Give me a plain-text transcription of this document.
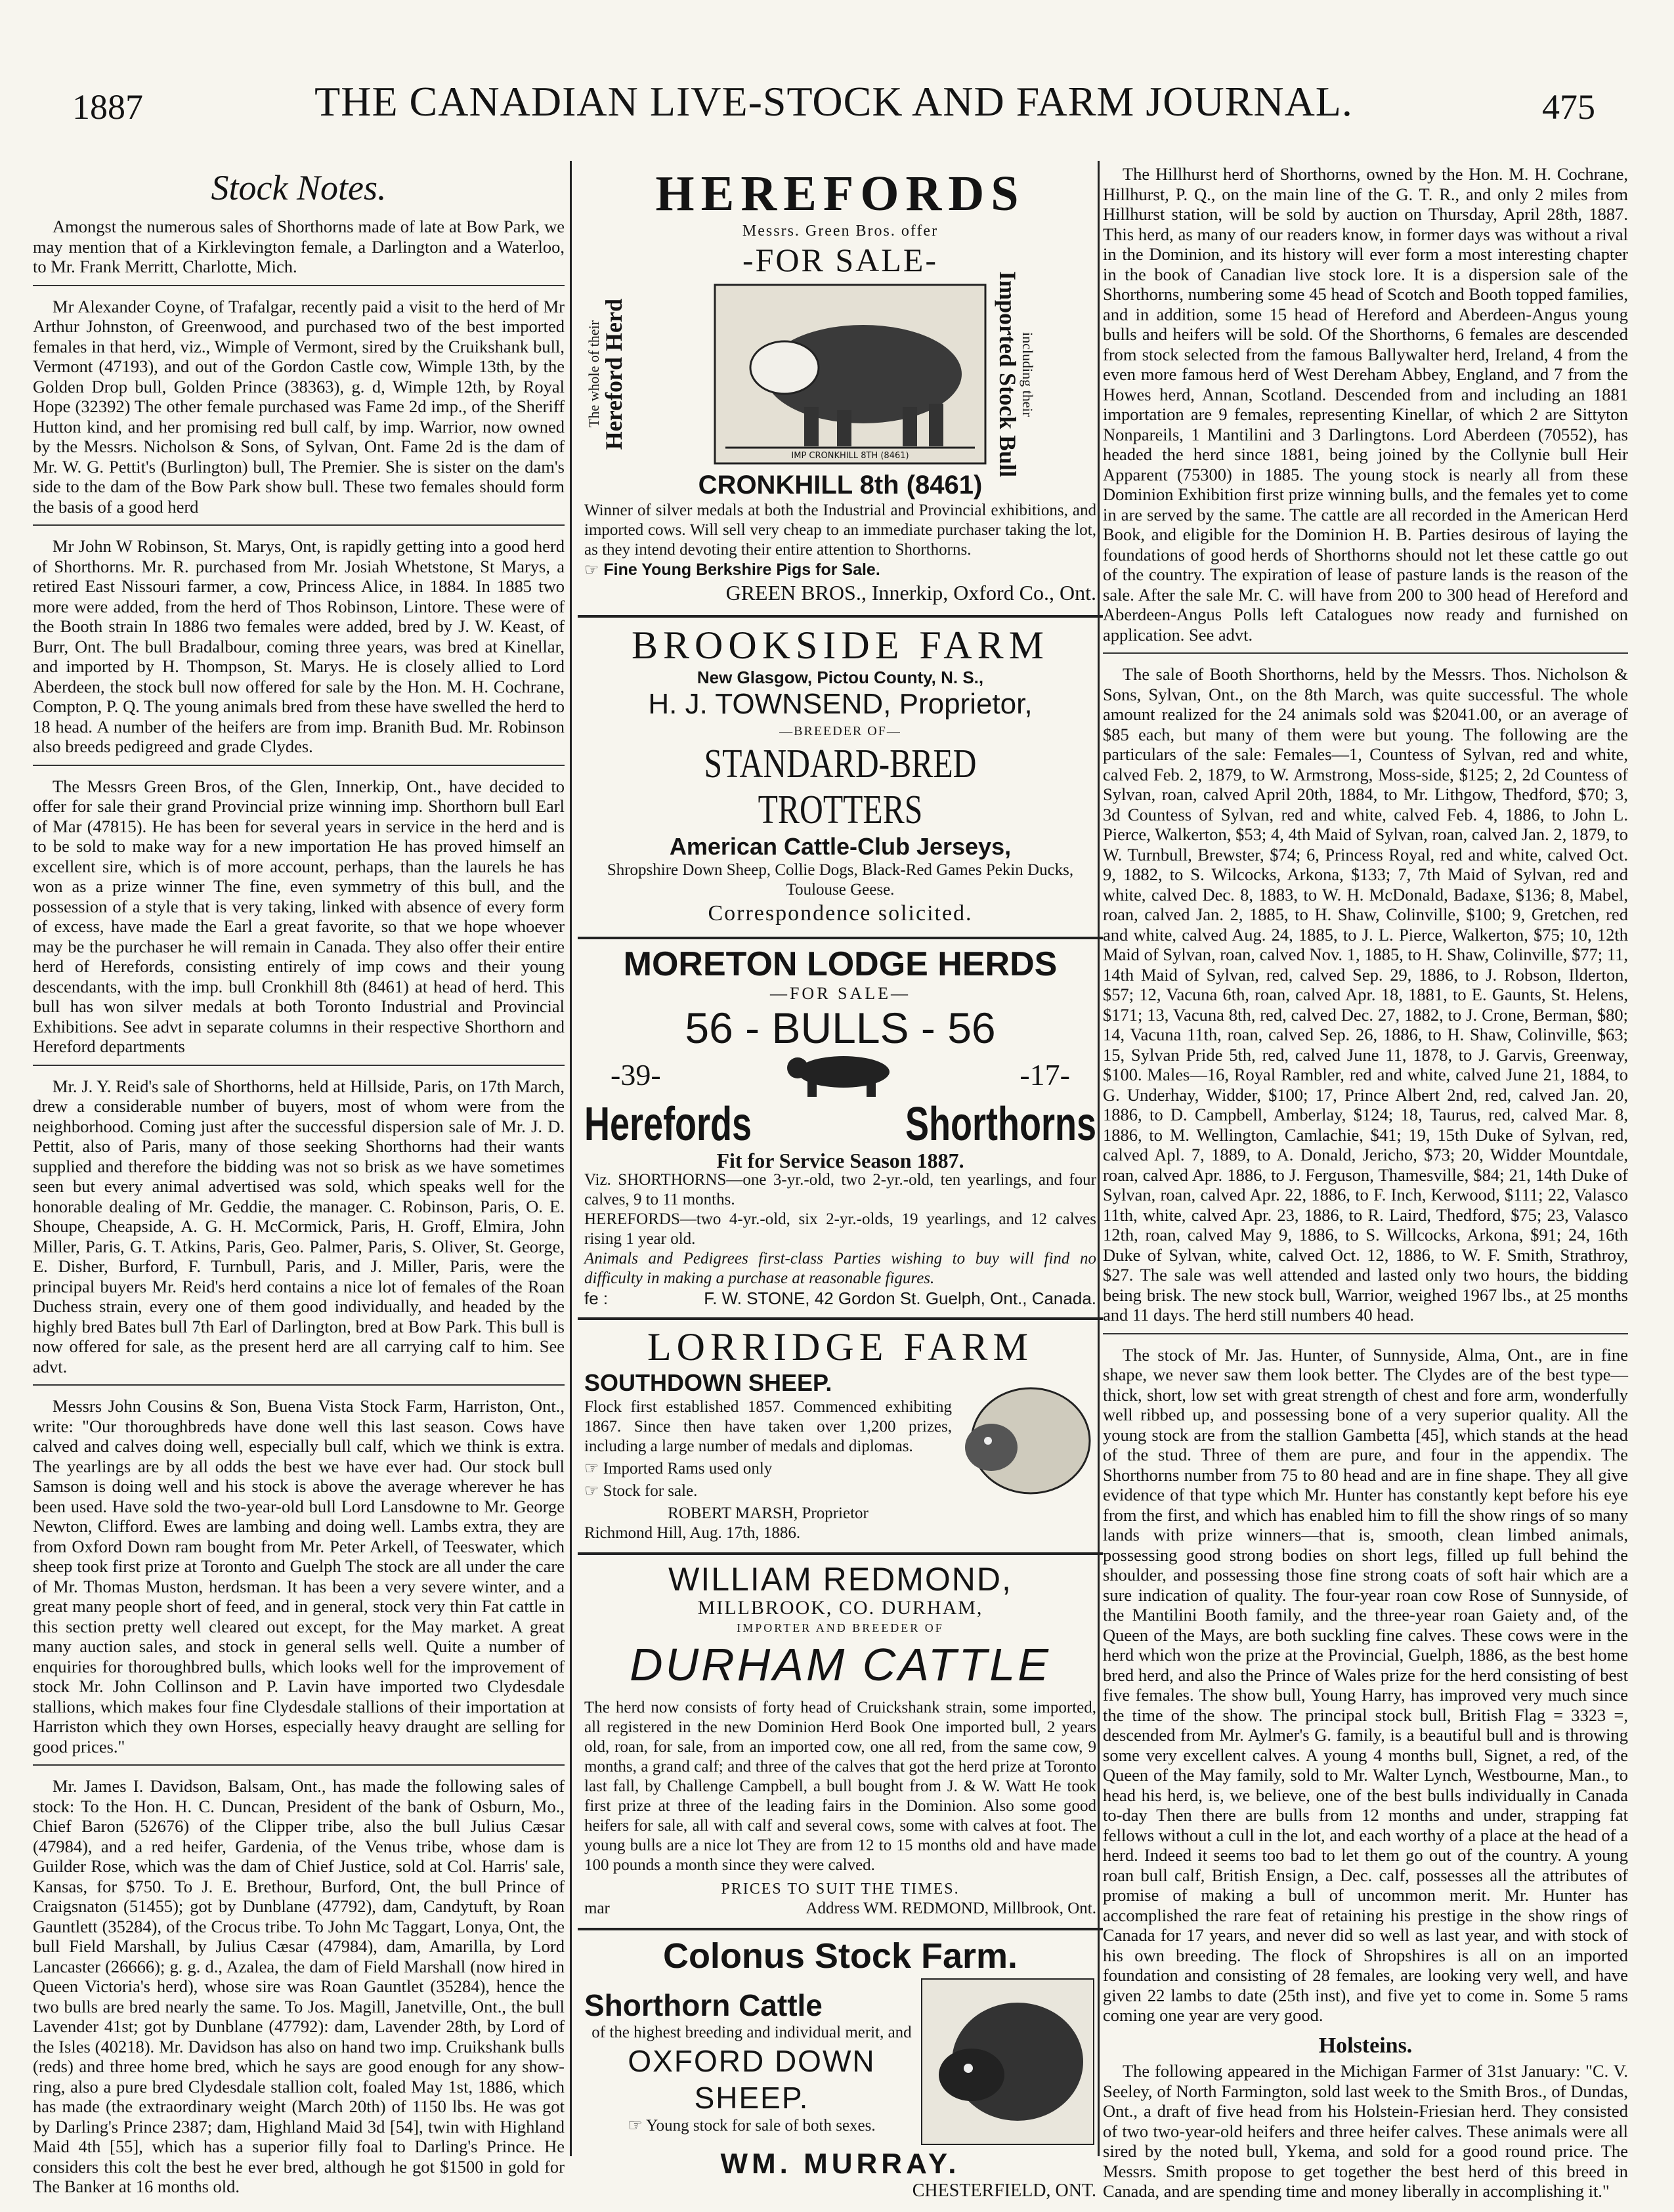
1887	THE CANADIAN LIVE-STOCK AND FARM JOURNAL.	475
Stock Notes.

Amongst the numerous sales of Shorthorns made of late at Bow Park, we may mention that of a Kirklevington female, a Darlington and a Waterloo, to Mr. Frank Merritt, Charlotte, Mich.

Mr Alexander Coyne, of Trafalgar, recently paid a visit to the herd of Mr Arthur Johnston, of Greenwood, and purchased two of the best imported females in that herd, viz., Wimple of Vermont, sired by the Cruikshank bull, Vermont (47193), and out of the Gordon Castle cow, Wimple 13th, by the Golden Drop bull, Golden Prince (38363), g. d, Wimple 12th, by Royal Hope (32392) The other female purchased was Fame 2d imp., of the Sheriff Hutton kind, and her promising red bull calf, by imp. Warrior, now owned by the Messrs. Nicholson & Sons, of Sylvan, Ont. Fame 2d is the dam of Mr. W. G. Pettit's (Burlington) bull, The Premier. She is sister on the dam's side to the dam of the Bow Park show bull. These two females should form the basis of a good herd

Mr John W Robinson, St. Marys, Ont, is rapidly getting into a good herd of Shorthorns. Mr. R. purchased from Mr. Josiah Whetstone, St Marys, a retired East Nissouri farmer, a cow, Princess Alice, in 1884. In 1885 two more were added, from the herd of Thos Robinson, Lintore. These were of the Booth strain In 1886 two females were added, bred by J. W. Keast, of Burr, Ont. The bull Bradalbour, coming three years, was bred at Kinellar, and imported by H. Thompson, St. Marys. He is closely allied to Lord Aberdeen, the stock bull now offered for sale by the Hon. M. H. Cochrane, Compton, P. Q. The young animals bred from these have swelled the herd to 18 head. A number of the heifers are from imp. Branith Bud. Mr. Robinson also breeds pedigreed and grade Clydes.

The Messrs Green Bros, of the Glen, Innerkip, Ont., have decided to offer for sale their grand Provincial prize winning imp. Shorthorn bull Earl of Mar (47815). He has been for several years in service in the herd and is to be sold to make way for a new importation He has proved himself an excellent sire, which is of more account, perhaps, than the laurels he has won as a prize winner The fine, even symmetry of this bull, and the possession of a style that is very taking, linked with absence of every form of excess, have made the Earl a great favorite, so that we hope whoever may be the purchaser he will remain in Canada. They also offer their entire herd of Herefords, consisting entirely of imp cows and their young descendants, with the imp. bull Cronkhill 8th (8461) at head of herd. This bull has won silver medals at both Toronto Industrial and Provincial Exhibitions. See advt in separate columns in their respective Shorthorn and Hereford departments

Mr. J. Y. Reid's sale of Shorthorns, held at Hillside, Paris, on 17th March, drew a considerable number of buyers, most of whom were from the neighborhood. Coming just after the successful dispersion sale of Mr. J. D. Pettit, also of Paris, many of those seeking Shorthorns had their wants supplied and therefore the bidding was not so brisk as we have sometimes seen but every animal advertised was sold, which speaks well for the honorable dealing of Mr. Geddie, the manager. C. Robinson, Paris, O. E. Shoupe, Cheapside, A. G. H. McCormick, Paris, H. Groff, Elmira, John Miller, Paris, G. T. Atkins, Paris, Geo. Palmer, Paris, S. Oliver, St. George, E. Disher, Burford, F. Turnbull, Paris, and J. Miller, Paris, were the principal buyers Mr. Reid's herd contains a nice lot of females of the Roan Duchess strain, every one of them good individually, and headed by the highly bred Bates bull 7th Earl of Darlington, bred at Bow Park. This bull is now offered for sale, as the present herd are all carrying calf to him. See advt.

Messrs John Cousins & Son, Buena Vista Stock Farm, Harriston, Ont., write: "Our thoroughbreds have done well this last season. Cows have calved and calves doing well, especially bull calf, which we think is extra. The yearlings are by all odds the best we have ever had. Our stock bull Samson is doing well and his stock is above the average wherever he has been used. Have sold the two-year-old bull Lord Lansdowne to Mr. George Newton, Clifford. Ewes are lambing and doing well. Lambs extra, they are from Oxford Down ram bought from Mr. Peter Arkell, of Teeswater, which sheep took first prize at Toronto and Guelph The stock are all under the care of Mr. Thomas Muston, herdsman. It has been a very severe winter, and a great many people short of feed, and in general, stock very thin Fat cattle in this section pretty well cleared out except, for the May market. A great many auction sales, and stock in general sells well. Quite a number of enquiries for thoroughbred bulls, which looks well for the improvement of stock Mr. John Collinson and P. Lavin have imported two Clydesdale stallions, which makes four fine Clydesdale stallions of their importation at Harriston which they own Horses, especially heavy draught are selling for good prices."

Mr. James I. Davidson, Balsam, Ont., has made the following sales of stock: To the Hon. H. C. Duncan, President of the bank of Osburn, Mo., Chief Baron (52676) of the Clipper tribe, also the bull Julius Cæsar (47984), and a red heifer, Gardenia, of the Venus tribe, whose dam is Guilder Rose, which was the dam of Chief Justice, sold at Col. Harris' sale, Kansas, for $750. To J. E. Brethour, Burford, Ont, the bull Prince of Craigsnaton (51455); got by Dunblane (47792), dam, Candytuft, by Roan Gauntlett (35284), of the Crocus tribe. To John Mc Taggart, Lonya, Ont, the bull Field Marshall, by Julius Cæsar (47984), dam, Amarilla, by Lord Lancaster (26666); g. g. d., Azalea, the dam of Field Marshall (now hired in Queen Victoria's herd), whose sire was Roan Gauntlet (35284), hence the two bulls are bred nearly the same. To Jos. Magill, Janetville, Ont., the bull Lavender 41st; got by Dunblane (47792): dam, Lavender 28th, by Lord of the Isles (40218). Mr. Davidson has also on hand two imp. Cruikshank bulls (reds) and three home bred, which he says are good enough for any show-ring, also a pure bred Clydesdale stallion colt, foaled May 1st, 1886, which has made (the extraordinary weight (March 20th) of 1150 lbs. He was got by Darling's Prince 2387; dam, Highland Maid 3d [54], twin with Highland Maid 4th [55], which has a superior filly foal to Darling's Prince. He considers this colt the best he ever bred, although he got $1500 in gold for The Banker at 16 months old.

HEREFORDS
Messrs. Green Bros. offer
-FOR SALE-
The whole of their
Hereford Herd
IMP CRONKHILL 8TH (8461)	Imported Stock Bull
including their
CRONKHILL 8th (8461)
Winner of silver medals at both the Industrial and Provincial exhibitions, and imported cows. Will sell very cheap to an immediate purchaser taking the lot, as they intend devoting their entire attention to Shorthorns.
☞ Fine Young Berkshire Pigs for Sale.
GREEN BROS., Innerkip, Oxford Co., Ont.
BROOKSIDE FARM
New Glasgow, Pictou County, N. S.,
H. J. TOWNSEND, Proprietor,
—BREEDER OF—
STANDARD-BRED TROTTERS
American Cattle-Club Jerseys,
Shropshire Down Sheep, Collie Dogs, Black-Red Games Pekin Ducks, Toulouse Geese.
Correspondence solicited.
MORETON LODGE HERDS
—FOR SALE—
56 - BULLS - 56
-39-	-17-
Herefords	Shorthorns
Fit for Service Season 1887.
Viz. SHORTHORNS—one 3-yr.-old, two 2-yr.-old, ten yearlings, and four calves, 9 to 11 months.
HEREFORDS—two 4-yr.-old, six 2-yr.-olds, 19 yearlings, and 12 calves rising 1 year old.
Animals and Pedigrees first-class Parties wishing to buy will find no difficulty in making a purchase at reasonable figures.
fe :	F. W. STONE, 42 Gordon St. Guelph, Ont., Canada.
LORRIDGE FARM
SOUTHDOWN SHEEP.
Flock first established 1857. Commenced exhibiting 1867. Since then have taken over 1,200 prizes, including a large number of medals and diplomas.
☞ Imported Rams used only
☞ Stock for sale.
ROBERT MARSH, Proprietor
Richmond Hill, Aug. 17th, 1886.
WILLIAM REDMOND,
MILLBROOK, CO. DURHAM,
IMPORTER AND BREEDER OF
DURHAM CATTLE
The herd now consists of forty head of Cruickshank strain, some imported, all registered in the new Dominion Herd Book One imported bull, 2 years old, roan, for sale, from an imported cow, one all red, from the same cow, 9 months, a grand calf; and three of the calves that got the herd prize at Toronto last fall, by Challenge Campbell, a bull bought from J. & W. Watt He took first prize at three of the leading fairs in the Dominion. Also some good heifers for sale, all with calf and several cows, some with calves at foot. The young bulls are a nice lot They are from 12 to 15 months old and have made 100 pounds a month since they were calved.
PRICES TO SUIT THE TIMES.
mar	Address WM. REDMOND, Millbrook, Ont.
Colonus Stock Farm.
Shorthorn Cattle
of the highest breeding and individual merit, and
OXFORD DOWN SHEEP.
☞ Young stock for sale of both sexes.
WM. MURRAY.
CHESTERFIELD, ONT.

The Hillhurst herd of Shorthorns, owned by the Hon. M. H. Cochrane, Hillhurst, P. Q., on the main line of the G. T. R., and only 2 miles from Hillhurst station, will be sold by auction on Thursday, April 28th, 1887. This herd, as many of our readers know, in former days was without a rival in the Dominion, and its history will ever form a most interesting chapter in the book of Canadian live stock lore. It is a dispersion sale of the Shorthorns, numbering some 45 head of Scotch and Booth topped families, and in addition, some 15 head of Hereford and Aberdeen-Angus young bulls and heifers will be sold. Of the Shorthorns, 6 females are descended from stock selected from the famous Ballywalter herd, Ireland, 4 from the even more famous herd of West Dereham Abbey, England, and 7 from the Howes herd, Annan, Scotland. Descended from and including an 1881 importation are 9 females, representing Kinellar, of which 2 are Sittyton Nonpareils, 1 Mantilini and 3 Darlingtons. Lord Aberdeen (70552), has headed the herd since 1881, being joined by the Collynie bull Heir Apparent (75300) in 1885. The young stock is nearly all from these Dominion Exhibition first prize winning bulls, and the females yet to come in are served by the same. The cattle are all recorded in the American Herd Book, and eligible for the Dominion H. B. Parties desirous of laying the foundations of good herds of Shorthorns should not let these cattle go out of the country. The expiration of lease of pasture lands is the reason of the sale. After the sale Mr. C. will have from 200 to 300 head of Hereford and Aberdeen-Angus Polls left Catalogues now ready and furnished on application. See advt.

The sale of Booth Shorthorns, held by the Messrs. Thos. Nicholson & Sons, Sylvan, Ont., on the 8th March, was quite successful. The whole amount realized for the 24 animals sold was $2041.00, or an average of $85 each, but many of them were but young. The following are the particulars of the sale: Females—1, Countess of Sylvan, red and white, calved Feb. 2, 1879, to W. Armstrong, Moss-side, $125; 2, 2d Countess of Sylvan, roan, calved April 20th, 1884, to Mr. Lithgow, Thedford, $70; 3, 3d Countess of Sylvan, red and white, calved Feb. 4, 1886, to John L. Pierce, Walkerton, $53; 4, 4th Maid of Sylvan, roan, calved Jan. 2, 1879, to W. Turnbull, Brewster, $74; 6, Princess Royal, red and white, calved Oct. 9, 1882, to S. Wilcocks, Arkona, $133; 7, 7th Maid of Sylvan, red and white, calved Dec. 8, 1883, to W. H. McDonald, Badaxe, $136; 8, Mabel, roan, calved Jan. 2, 1885, to H. Shaw, Colinville, $100; 9, Gretchen, red and white, calved Aug. 24, 1885, to J. L. Pierce, Walkerton, $75; 10, 12th Maid of Sylvan, roan, calved Nov. 1, 1885, to H. Shaw, Colinville, $77; 11, 14th Maid of Sylvan, red, calved Sep. 29, 1886, to J. Robson, Ilderton, $57; 12, Vacuna 6th, roan, calved Apr. 18, 1881, to E. Gaunts, St. Helens, $171; 13, Vacuna 8th, red, calved Dec. 27, 1882, to J. Crone, Berman, $80; 14, Vacuna 11th, roan, calved Sep. 26, 1886, to H. Shaw, Colinville, $63; 15, Sylvan Pride 5th, red, calved June 11, 1878, to J. Garvis, Greenway, $100. Males—16, Royal Rambler, red and white, calved June 21, 1884, to G. Underhay, Widder, $100; 17, Prince Albert 2nd, red, calved Jan. 20, 1886, to D. Campbell, Amberlay, $124; 18, Taurus, red, calved Mar. 8, 1886, to M. Wellington, Camlachie, $41; 19, 15th Duke of Sylvan, red, calved Apl. 7, 1889, to A. Donald, Jericho, $73; 20, Widder Mountdale, roan, calved Apr. 1886, to J. Ferguson, Thamesville, $84; 21, 14th Duke of Sylvan, roan, calved Apr. 22, 1886, to F. Inch, Kerwood, $111; 22, Valasco 11th, white, calved Apr. 23, 1886, to R. Laird, Thedford, $75; 23, Valasco 12th, roan, calved May 9, 1886, to S. Willcocks, Arkona, $91; 24, 16th Duke of Sylvan, white, calved Oct. 12, 1886, to W. F. Smith, Strathroy, $27. The sale was well attended and lasted only two hours, the bidding being brisk. The new stock bull, Warrior, weighed 1967 lbs., at 25 months and 11 days. The herd still numbers 40 head.

The stock of Mr. Jas. Hunter, of Sunnyside, Alma, Ont., are in fine shape, we never saw them look better. The Clydes are of the best type—thick, short, low set with great strength of chest and fore arm, wonderfully well ribbed up, and possessing bone of a very superior quality. All the young stock are from the stallion Gambetta [45], which stands at the head of the stud. Three of them are pure, and four in the appendix. The Shorthorns number from 75 to 80 head and are in fine shape. They all give evidence of that type which Mr. Hunter has constantly kept before his eye from the first, and which has enabled him to fill the show rings of so many lands with prize winners—that is, smooth, clean limbed animals, possessing good strong bodies on short legs, filled up full behind the shoulder, and possessing those fine strong coats of soft hair which are a sure indication of quality. The four-year roan cow Rose of Sunnyside, of the Mantilini Booth family, and the three-year roan Gaiety and, of the Queen of the Mays, are both suckling fine calves. These cows were in the herd which won the prize at the Provincial, Guelph, 1886, as the best home bred herd, and also the Prince of Wales prize for the herd consisting of best five females. The show bull, Young Harry, has improved very much since the time of the show. The principal stock bull, British Flag = 3323 =, descended from Mr. Aylmer's G. family, is a beautiful bull and is throwing some very excellent calves. A young 4 months bull, Signet, a red, of the Queen of the May family, sold to Mr. Walter Lynch, Westbourne, Man., to head his herd, is, we believe, one of the best bulls individually in Canada to-day Then there are bulls from 12 months and under, strapping fat fellows without a cull in the lot, and each worthy of a place at the head of a herd. Indeed it seems too bad to let them go out of the country. A young roan bull calf, British Ensign, a Dec. calf, possesses all the attributes of promise of making a bull of uncommon merit. Mr. Hunter has accomplished the rare feat of retaining his prestige in the show rings of Canada for 17 years, and never did so well as last year, and with stock of his own breeding. The flock of Shropshires is all on an imported foundation and consisting of 28 females, are looking very well, and have given 22 lambs to date (25th inst), and five yet to come in. Some 5 rams coming one year are very good.

Holsteins.

The following appeared in the Michigan Farmer of 31st January: "C. V. Seeley, of North Farmington, sold last week to the Smith Bros., of Dundas, Ont., a draft of five head from his Holstein-Friesian herd. They consisted of two two-year-old heifers and three heifer calves. These animals were all sired by the noted bull, Ykema, and sold for a good round price. The Messrs. Smith propose to get together the best herd of this breed in Canada, and are spending time and money liberally in accomplishing it."
